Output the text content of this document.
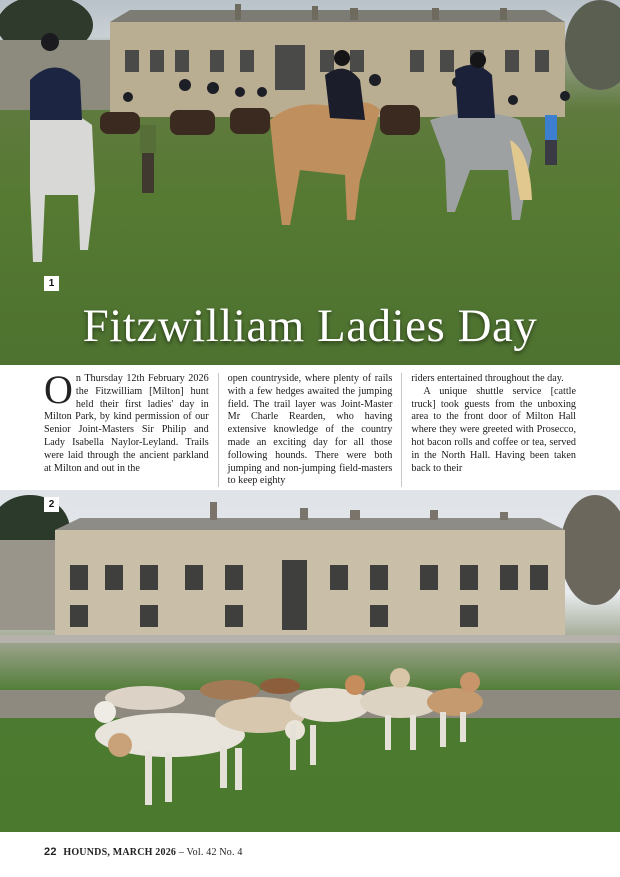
1
Fitzwilliam Ladies Day
On Thursday 12th February 2026 the Fitzwilliam [Milton] hunt held their first ladies' day in Milton Park, by kind permission of our Senior Joint-Masters Sir Philip and Lady Isabella Naylor-Leyland. Trails were laid through the ancient parkland at Milton and out in the
open countryside, where plenty of rails with a few hedges awaited the jumping field. The trail layer was Joint-Master Mr Charle Rearden, who having extensive knowledge of the country made an exciting day for all those following hounds. There were both jumping and non-jumping field-masters to keep eighty
riders entertained throughout the day.
A unique shuttle service [cattle truck] took guests from the unboxing area to the front door of Milton Hall where they were greeted with Prosecco, hot bacon rolls and coffee or tea, served in the North Hall. Having been taken back to their
2
22 HOUNDS, MARCH 2026 – Vol. 42 No. 4
